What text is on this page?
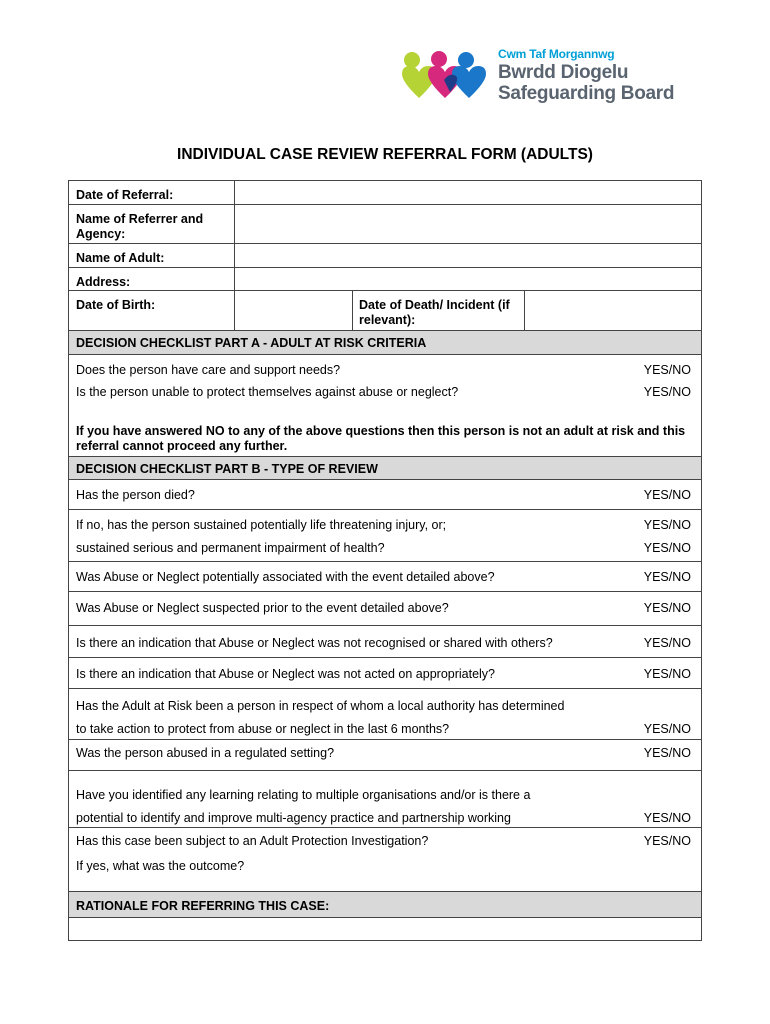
Cwm Taf Morgannwg
Bwrdd Diogelu
Safeguarding Board
INDIVIDUAL CASE REVIEW REFERRAL FORM (ADULTS)
Date of Referral:
Name of Referrer and Agency:
Name of Adult:
Address:
Date of Birth:	Date of Death/ Incident (if relevant):
DECISION CHECKLIST PART A - ADULT AT RISK CRITERIA
Does the person have care and support needs?	YES/NO
Is the person unable to protect themselves against abuse or neglect?	YES/NO
If you have answered NO to any of the above questions then this person is not an adult at risk and this referral cannot proceed any further.
DECISION CHECKLIST PART B - TYPE OF REVIEW
Has the person died?	YES/NO
If no, has the person sustained potentially life threatening injury, or;	YES/NO
sustained serious and permanent impairment of health?	YES/NO
Was Abuse or Neglect potentially associated with the event detailed above?	YES/NO
Was Abuse or Neglect suspected prior to the event detailed above?	YES/NO
Is there an indication that Abuse or Neglect was not recognised or shared with others?	YES/NO
Is there an indication that Abuse or Neglect was not acted on appropriately?	YES/NO
Has the Adult at Risk been a person in respect of whom a local authority has determined
to take action to protect from abuse or neglect in the last 6 months?	YES/NO
Was the person abused in a regulated setting?	YES/NO
Have you identified any learning relating to multiple organisations and/or is there a
potential to identify and improve multi-agency practice and partnership working	YES/NO
Has this case been subject to an Adult Protection Investigation?	YES/NO
If yes, what was the outcome?
RATIONALE FOR REFERRING THIS CASE:
